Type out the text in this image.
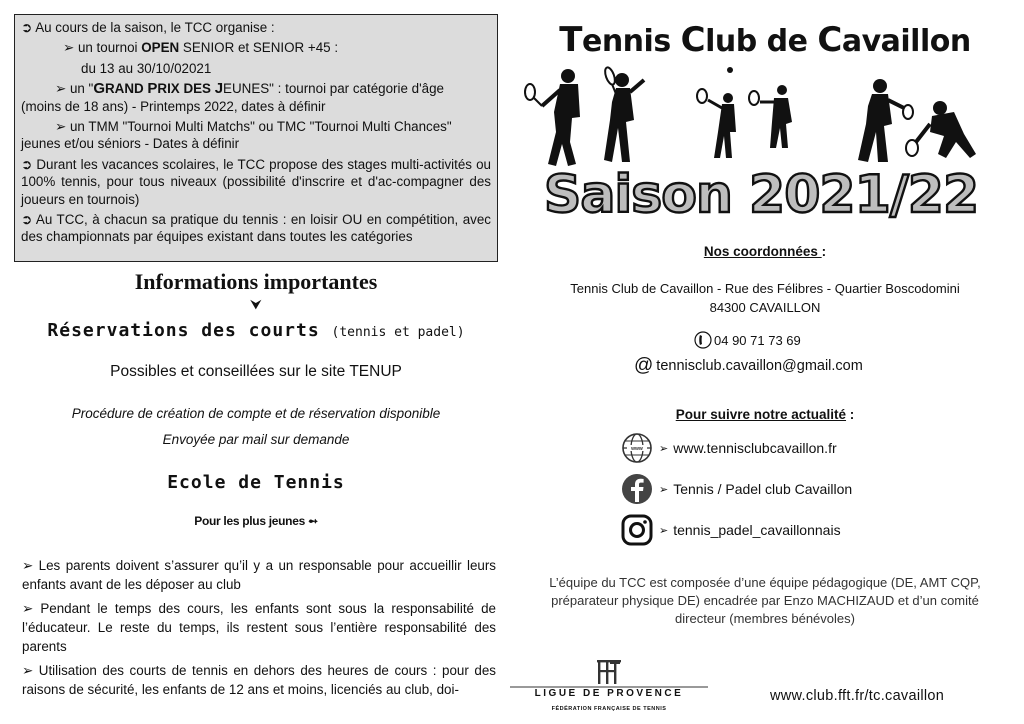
➲ Au cours de la saison, le TCC organise :

➢ un tournoi OPEN SENIOR et SENIOR +45 :

du 13 au 30/10/02021

➢ un "GRAND PRIX DES JEUNES" : tournoi par catégorie d'âge

(moins de 18 ans) - Printemps 2022, dates à définir

➢ un TMM "Tournoi Multi Matchs" ou TMC "Tournoi Multi Chances"

jeunes et/ou séniors - Dates à définir

➲ Durant les vacances scolaires, le TCC propose des stages multi-activités ou 100% tennis, pour tous niveaux (possibilité d'inscrire et d'ac-compagner des joueurs en tournois)

➲ Au TCC, à chacun sa pratique du tennis : en loisir OU en compétition, avec des championnats par équipes existant dans toutes les catégories

Informations importantes
⮟
Réservations des courts (tennis et padel)
Possibles et conseillées sur le site TENUP
Procédure de création de compte et de réservation disponible
Envoyée par mail sur demande
Ecole de Tennis
Pour les plus jeunes ➻

➢ Les parents doivent s’assurer qu’il y a un responsable pour accueillir leurs enfants avant de les déposer au club

➢ Pendant le temps des cours, les enfants sont sous la responsabilité de l’éducateur. Le reste du temps, ils restent sous l’entière responsabilité des parents

➢ Utilisation des courts de tennis en dehors des heures de cours : pour des raisons de sécurité, les enfants de 12 ans et moins, licenciés au club, doi-

Tennis Club de Cavaillon
Saison 2021/22
Nos coordonnées :
Tennis Club de Cavaillon - Rue des Félibres - Quartier Boscodomini
84300 CAVAILLON
04 90 71 73 69
@ tennisclub.cavaillon@gmail.com
Pour suivre notre actualité :
www ➢ www.tennisclubcavaillon.fr
➢ Tennis / Padel club Cavaillon
➢ tennis_padel_cavaillonnais
L’équipe du TCC est composée d’une équipe pédagogique (DE, AMT CQP, préparateur physique DE) encadrée par Enzo MACHIZAUD et d’un comité directeur (membres bénévoles)
LIGUE DE PROVENCE
FÉDÉRATION FRANÇAISE DE TENNIS
www.club.fft.fr/tc.cavaillon
